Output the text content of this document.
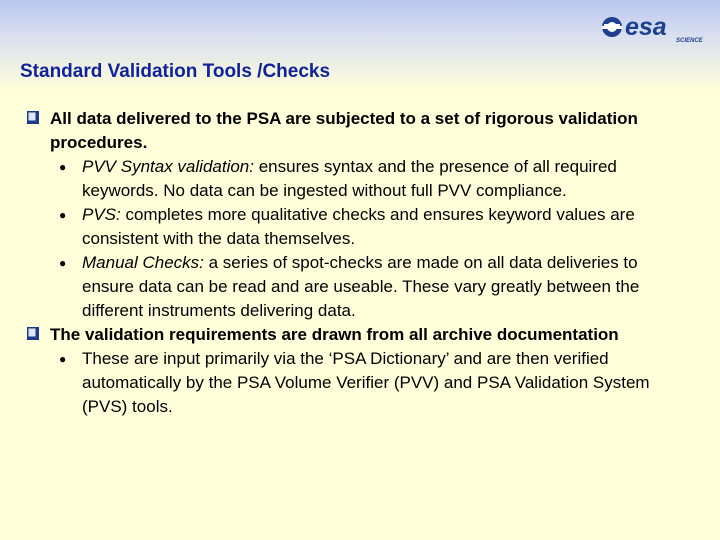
esa SCIENCE
Standard Validation Tools /Checks
All data delivered to the PSA are subjected to a set of rigorous validation procedures.
● PVV Syntax validation: ensures syntax and the presence of all required keywords. No data can be ingested without full PVV compliance.
● PVS: completes more qualitative checks and ensures keyword values are consistent with the data themselves.
● Manual Checks: a series of spot-checks are made on all data deliveries to ensure data can be read and are useable. These vary greatly between the different instruments delivering data.
The validation requirements are drawn from all archive documentation
● These are input primarily via the ‘PSA Dictionary’ and are then verified automatically by the PSA Volume Verifier (PVV) and PSA Validation System (PVS) tools.
